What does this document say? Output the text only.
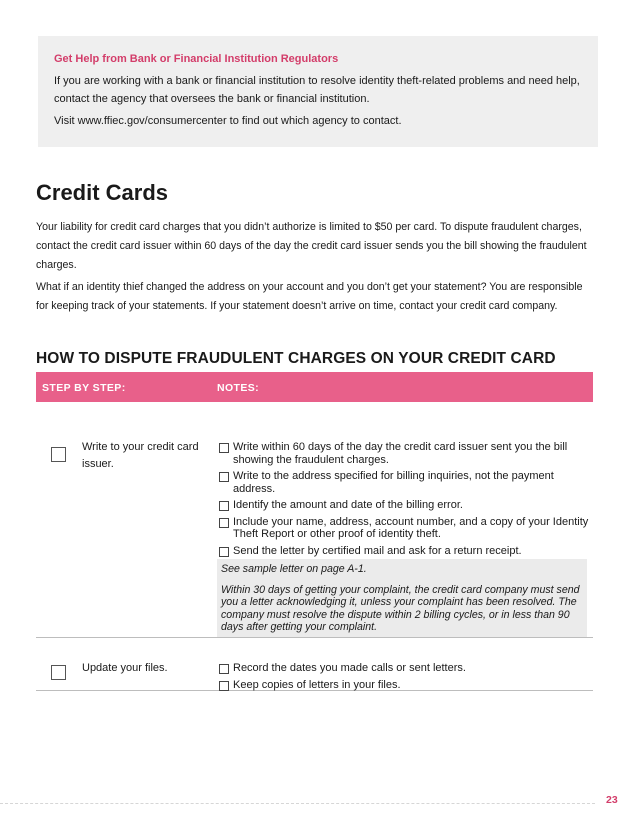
Get Help from Bank or Financial Institution Regulators

If you are working with a bank or financial institution to resolve identity theft-related problems and need help, contact the agency that oversees the bank or financial institution.

Visit www.ffiec.gov/consumercenter to find out which agency to contact.

Credit Cards

Your liability for credit card charges that you didn’t authorize is limited to $50 per card. To dispute fraudulent charges, contact the credit card issuer within 60 days of the day the credit card issuer sends you the bill showing the fraudulent charges.

What if an identity thief changed the address on your account and you don’t get your statement? You are responsible for keeping track of your statements. If your statement doesn’t arrive on time, contact your credit card company.

HOW TO DISPUTE FRAUDULENT CHARGES ON YOUR CREDIT CARD
STEP BY STEP:	NOTES:
Write to your credit card issuer.
Write within 60 days of the day the credit card issuer sent you the bill showing the fraudulent charges.
Write to the address specified for billing inquiries, not the payment address.
Identify the amount and date of the billing error.
Include your name, address, account number, and a copy of your Identity Theft Report or other proof of identity theft.
Send the letter by certified mail and ask for a return receipt.

See sample letter on page A-1.

Within 30 days of getting your complaint, the credit card company must send you a letter acknowledging it, unless your complaint has been resolved. The company must resolve the dispute within 2 billing cycles, or in less than 90 days after getting your complaint.

Update your files.	Record the dates you made calls or sent letters.
Keep copies of letters in your files.
23
